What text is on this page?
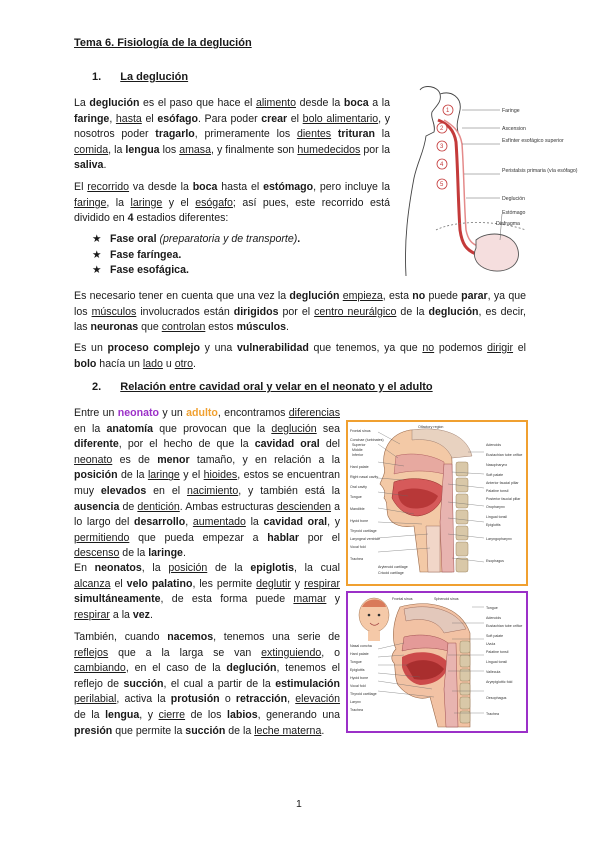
Tema 6. Fisiología de la deglución
1. La deglución
La deglución es el paso que hace el alimento desde la boca a la faringe, hasta el esófago. Para poder crear el bolo alimentario, y nosotros poder tragarlo, primeramente los dientes trituran la comida, la lengua los amasa, y finalmente son humedecidos por la saliva.
El recorrido va desde la boca hasta el estómago, pero incluye la faringe, la laringe y el esógafo; así pues, este recorrido está dividido en 4 estadios diferentes:
★ Fase oral (preparatoria y de transporte).
★ Fase faríngea.
★ Fase esofágica.
1
2
3
4
5
Faringe
Ascension
Esfínter esofágico superior
Peristalsis primaria (vía esófago)
Deglución
Estómago
Diafragma
Es necesario tener en cuenta que una vez la deglución empieza, esta no puede parar, ya que los músculos involucrados están dirigidos por el centro neurálgico de la deglución, es decir, las neuronas que controlan estos músculos.
Es un proceso complejo y una vulnerabilidad que tenemos, ya que no podemos dirigir el bolo hacía un lado u otro.
2. Relación entre cavidad oral y velar en el neonato y el adulto
Entre un neonato y un adulto, encontramos diferencias en la anatomía que provocan que la deglución sea diferente, por el hecho de que la cavidad oral del neonato es de menor tamaño, y en relación a la posición de la laringe y el hioides, estos se encuentran muy elevados en el nacimiento, y también está la ausencia de dentición. Ambas estructuras descienden a lo largo del desarrollo, aumentado la cavidad oral, y permitiendo que pueda empezar a hablar por el descenso de la laringe.
En neonatos, la posición de la epiglotis, la cual alcanza el velo palatino, les permite deglutir y respirar simultáneamente, de esta forma puede mamar y respirar a la vez.
También, cuando nacemos, tenemos una serie de reflejos que a la larga se van extinguiendo, o cambiando, en el caso de la deglución, tenemos el reflejo de succión, el cual a partir de la estimulación perilabial, activa la protusión o retracción, elevación de la lengua, y cierre de los labios, generando una presión que permite la succión de la leche materna.
Olfactory region
Frontal sinus
Conchae (turbinates)
Superior
Middle
Inferior
Hard palate
Right nasal cavity
Oral cavity
Tongue
Mandible
Hyoid bone
Thyroid cartilage
Laryngeal ventricle
Vocal fold
Trachea
Adenoids
Eustachian tube orifice
Nasopharynx
Soft palate
Anterior faucial pillar
Palatine tonsil
Posterior faucial pillar
Oropharynx
Lingual tonsil
Epiglottis
Laryngopharynx
Esophagus
Arytenoid cartilage
Cricoid cartilage
Frontal sinus
Nasal concha
Hard palate
Tongue
Epiglottis
Hyoid bone
Vocal fold
Thyroid cartilage
Larynx
Trachea
Sphenoid sinus
Tongue
Adenoids
Eustachian tube orifice
Soft palate
Uvula
Palatine tonsil
Lingual tonsil
Vallecula
Aryepiglottic fold
Oesophagus
Trachea
1
